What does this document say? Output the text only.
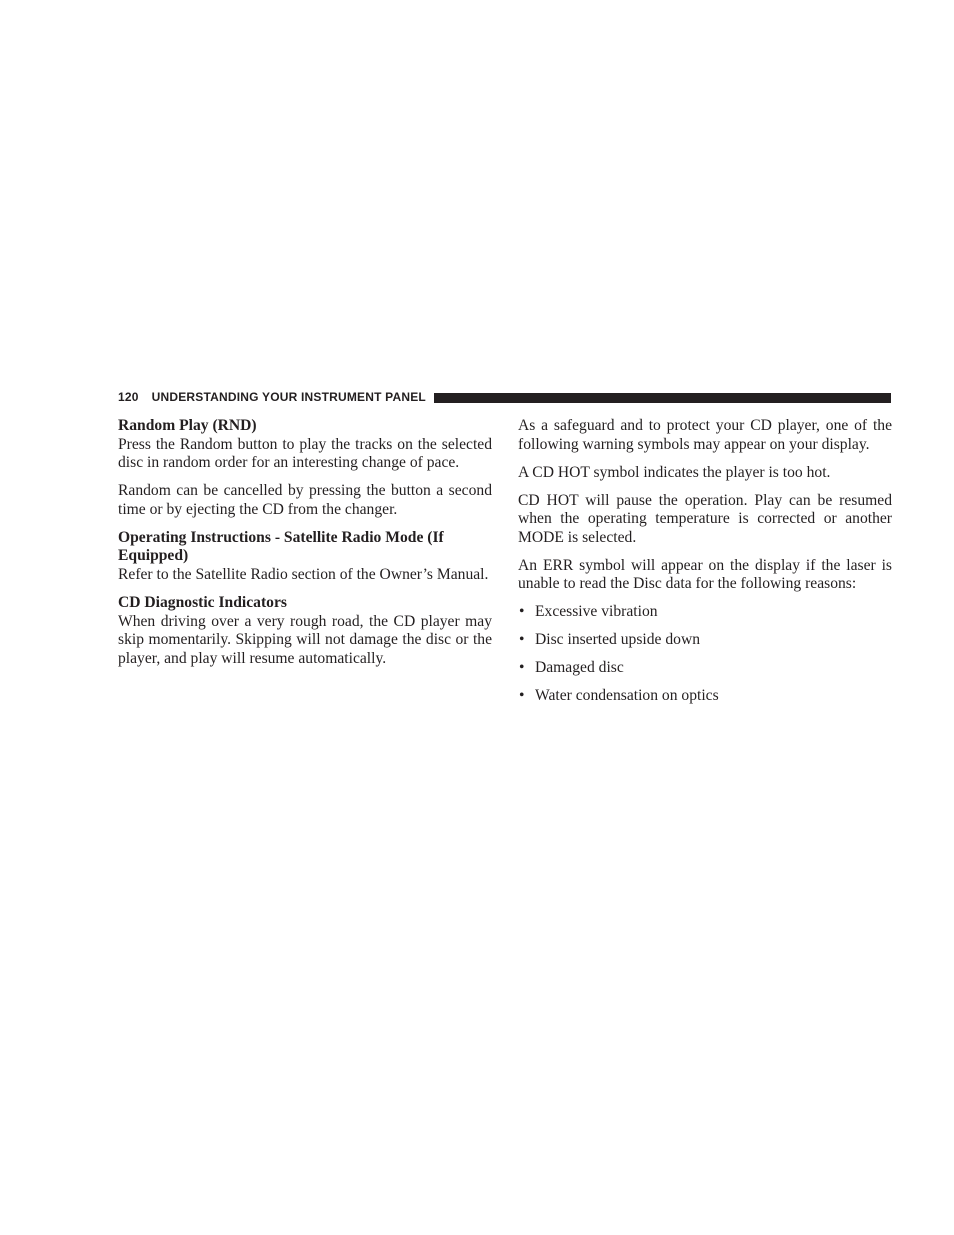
120 UNDERSTANDING YOUR INSTRUMENT PANEL
Random Play (RND)

Press the Random button to play the tracks on the selected disc in random order for an interesting change of pace.

Random can be cancelled by pressing the button a second time or by ejecting the CD from the changer.

Operating Instructions - Satellite Radio Mode (If Equipped)

Refer to the Satellite Radio section of the Owner’s Manual.

CD Diagnostic Indicators

When driving over a very rough road, the CD player may skip momentarily. Skipping will not damage the disc or the player, and play will resume automatically.

As a safeguard and to protect your CD player, one of the following warning symbols may appear on your display.

A CD HOT symbol indicates the player is too hot.

CD HOT will pause the operation. Play can be resumed when the operating temperature is corrected or another MODE is selected.

An ERR symbol will appear on the display if the laser is unable to read the Disc data for the following reasons:

• Excessive vibration
• Disc inserted upside down
• Damaged disc
• Water condensation on optics
